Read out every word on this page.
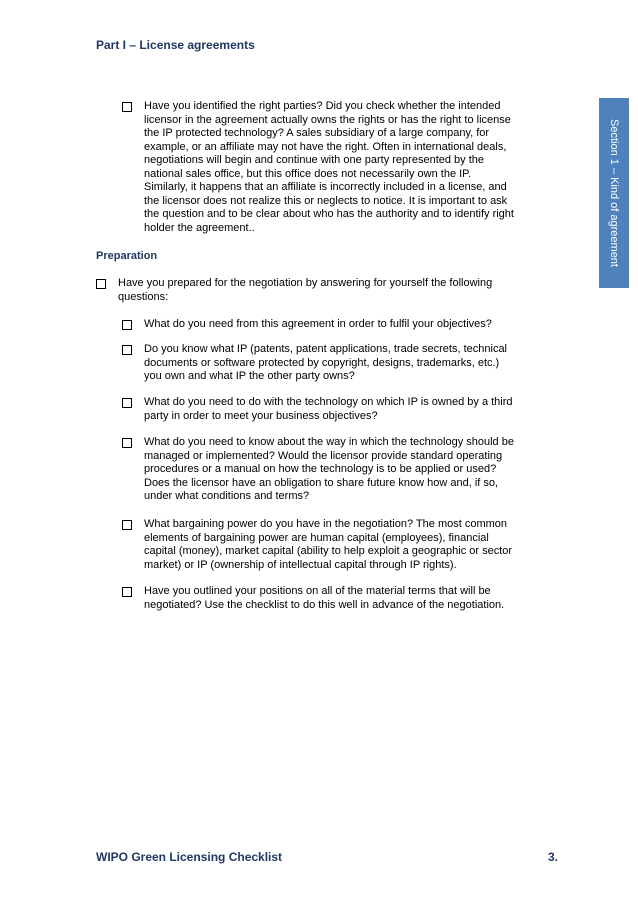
Part I – License agreements
Section 1 – Kind of agreement
Have you identified the right parties? Did you check whether the intended
licensor in the agreement actually owns the rights or has the right to license
the IP protected technology? A sales subsidiary of a large company, for
example, or an affiliate may not have the right. Often in international deals,
negotiations will begin and continue with one party represented by the
national sales office, but this office does not necessarily own the IP.
Similarly, it happens that an affiliate is incorrectly included in a license, and
the licensor does not realize this or neglects to notice. It is important to ask
the question and to be clear about who has the authority and to identify right
holder the agreement..
Preparation
Have you prepared for the negotiation by answering for yourself the following
questions:
What do you need from this agreement in order to fulfil your objectives?
Do you know what IP (patents, patent applications, trade secrets, technical
documents or software protected by copyright, designs, trademarks, etc.)
you own and what IP the other party owns?
What do you need to do with the technology on which IP is owned by a third
party in order to meet your business objectives?
What do you need to know about the way in which the technology should be
managed or implemented? Would the licensor provide standard operating
procedures or a manual on how the technology is to be applied or used?
Does the licensor have an obligation to share future know how and, if so,
under what conditions and terms?
What bargaining power do you have in the negotiation? The most common
elements of bargaining power are human capital (employees), financial
capital (money), market capital (ability to help exploit a geographic or sector
market) or IP (ownership of intellectual capital through IP rights).
Have you outlined your positions on all of the material terms that will be
negotiated? Use the checklist to do this well in advance of the negotiation.
WIPO Green Licensing Checklist	3.
